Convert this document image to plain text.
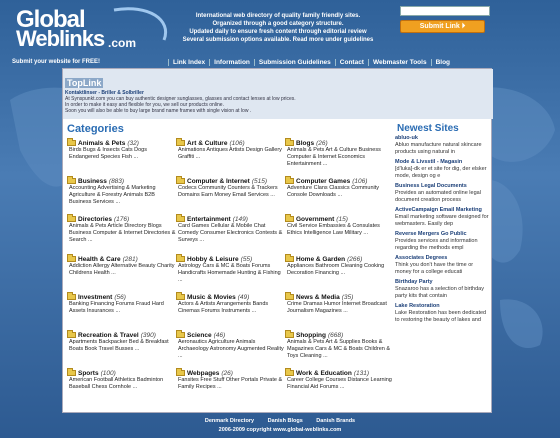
Global
Weblinks .com
International web directory of quality family friendly sites.
Organized through a good category structure.
Updated daily to ensure fresh content through editorial review
Several submission options available. Read more under guidelines
Submit Link ⏵
Submit your website for FREE!	Link Index	Information	Submission Guidelines	Contact	Webmaster Tools	Blog
TopLink
Kontaktlinser - Briller & Solbriller
At Synspunkt.com you can buy authentic designer sunglasses, glasses and contact lenses at low prices.
In order to make it easy and flexible for you, we sell our products online.
Soon you will also be able to buy large brand name frames with single vision at low .
Categories	Newest Sites
Animals & Pets (32)
Birds Bugs & Insects Cats Dogs Endangered Species Fish ...
Art & Culture (106)
Animations Antiques Artists Design Gallery Graffiti ...
Blogs (26)
Animals & Pets Art & Culture Business Computer & Internet Economics Entertainment ...
Business (883)
Accounting Advertising & Marketing Agriculture & Forestry Animals B2B Business Services ...
Computer & Internet (515)
Codecs Community Counters & Trackers Domains Earn Money Email Services ...
Computer Games (106)
Adventure Clans Classics Community Console Downloads ...
Directories (176)
Animals & Pets Article Directory Blogs Business Computer & Internet Directories & Search ...
Entertainment (149)
Card Games Cellular & Mobile Chat Comedy Consumer Electronics Contests & Surveys ...
Government (15)
Civil Service Embassies & Consulates Ethics Intelligence Law Military ...
Health & Care (281)
Addiction Allergy Alternative Beauty Charity Childrens Health ...
Hobby & Leisure (55)
Astrology Cars & MC & Boats Forums Handicrafts Homemade Hunting & Fishing ...
Home & Garden (266)
Appliances Bathroom Cleaning Cooking Decoration Financing ...
Investment (56)
Banking Financing Forums Fraud Hard Assets Insurances ...
Music & Movies (49)
Actors & Artists Arrangements Bands Cinemas Forums Instruments ...
News & Media (35)
Crime Dramas Humor Internet Broadcast Journalism Magazines ...
Recreation & Travel (390)
Apartments Backpacker Bed & Breakfast Boats Book Travel Busses ...
Science (46)
Aeronautics Agriculture Animals Archaeology Astronomy Augmented Reality ...
Shopping (668)
Animals & Pets Art & Supplies Books & Magazines Cars & MC & Boats Children & Toys Cleaning ...
Sports (100)
American Football Athletics Badminton Baseball Chess Cornhole ...
Webpages (26)
Fansites Free Stuff Other Portals Private & Family Recipes ...
Work & Education (131)
Career College Courses Distance Learning Financial Aid Forums ...
abluo-uk
Abluo manufacture natural skincare products using natural in
Mode & Livsstil - Magasin
[d'luka]-dk er et site for dig, der elsker mode, design og e
Business Legal Documents
Provides an automated online legal document creation process
ActiveCampaign Email Marketing
Email marketing software designed for webmasters. Easily dep
Reverse Mergers Go Public
Provides services and information regarding the methods empl
Associates Degrees
Think you don't have the time or money for a college educati
Birthday Party
Snazaroo has a selection of birthday party kits that contain
Lake Restoration
Lake Restoration has been dedicated to restoring the beauty of lakes and
Denmark Directory Danish Blogs Danish Brands
2006-2009 copyright www.global-weblinks.com
